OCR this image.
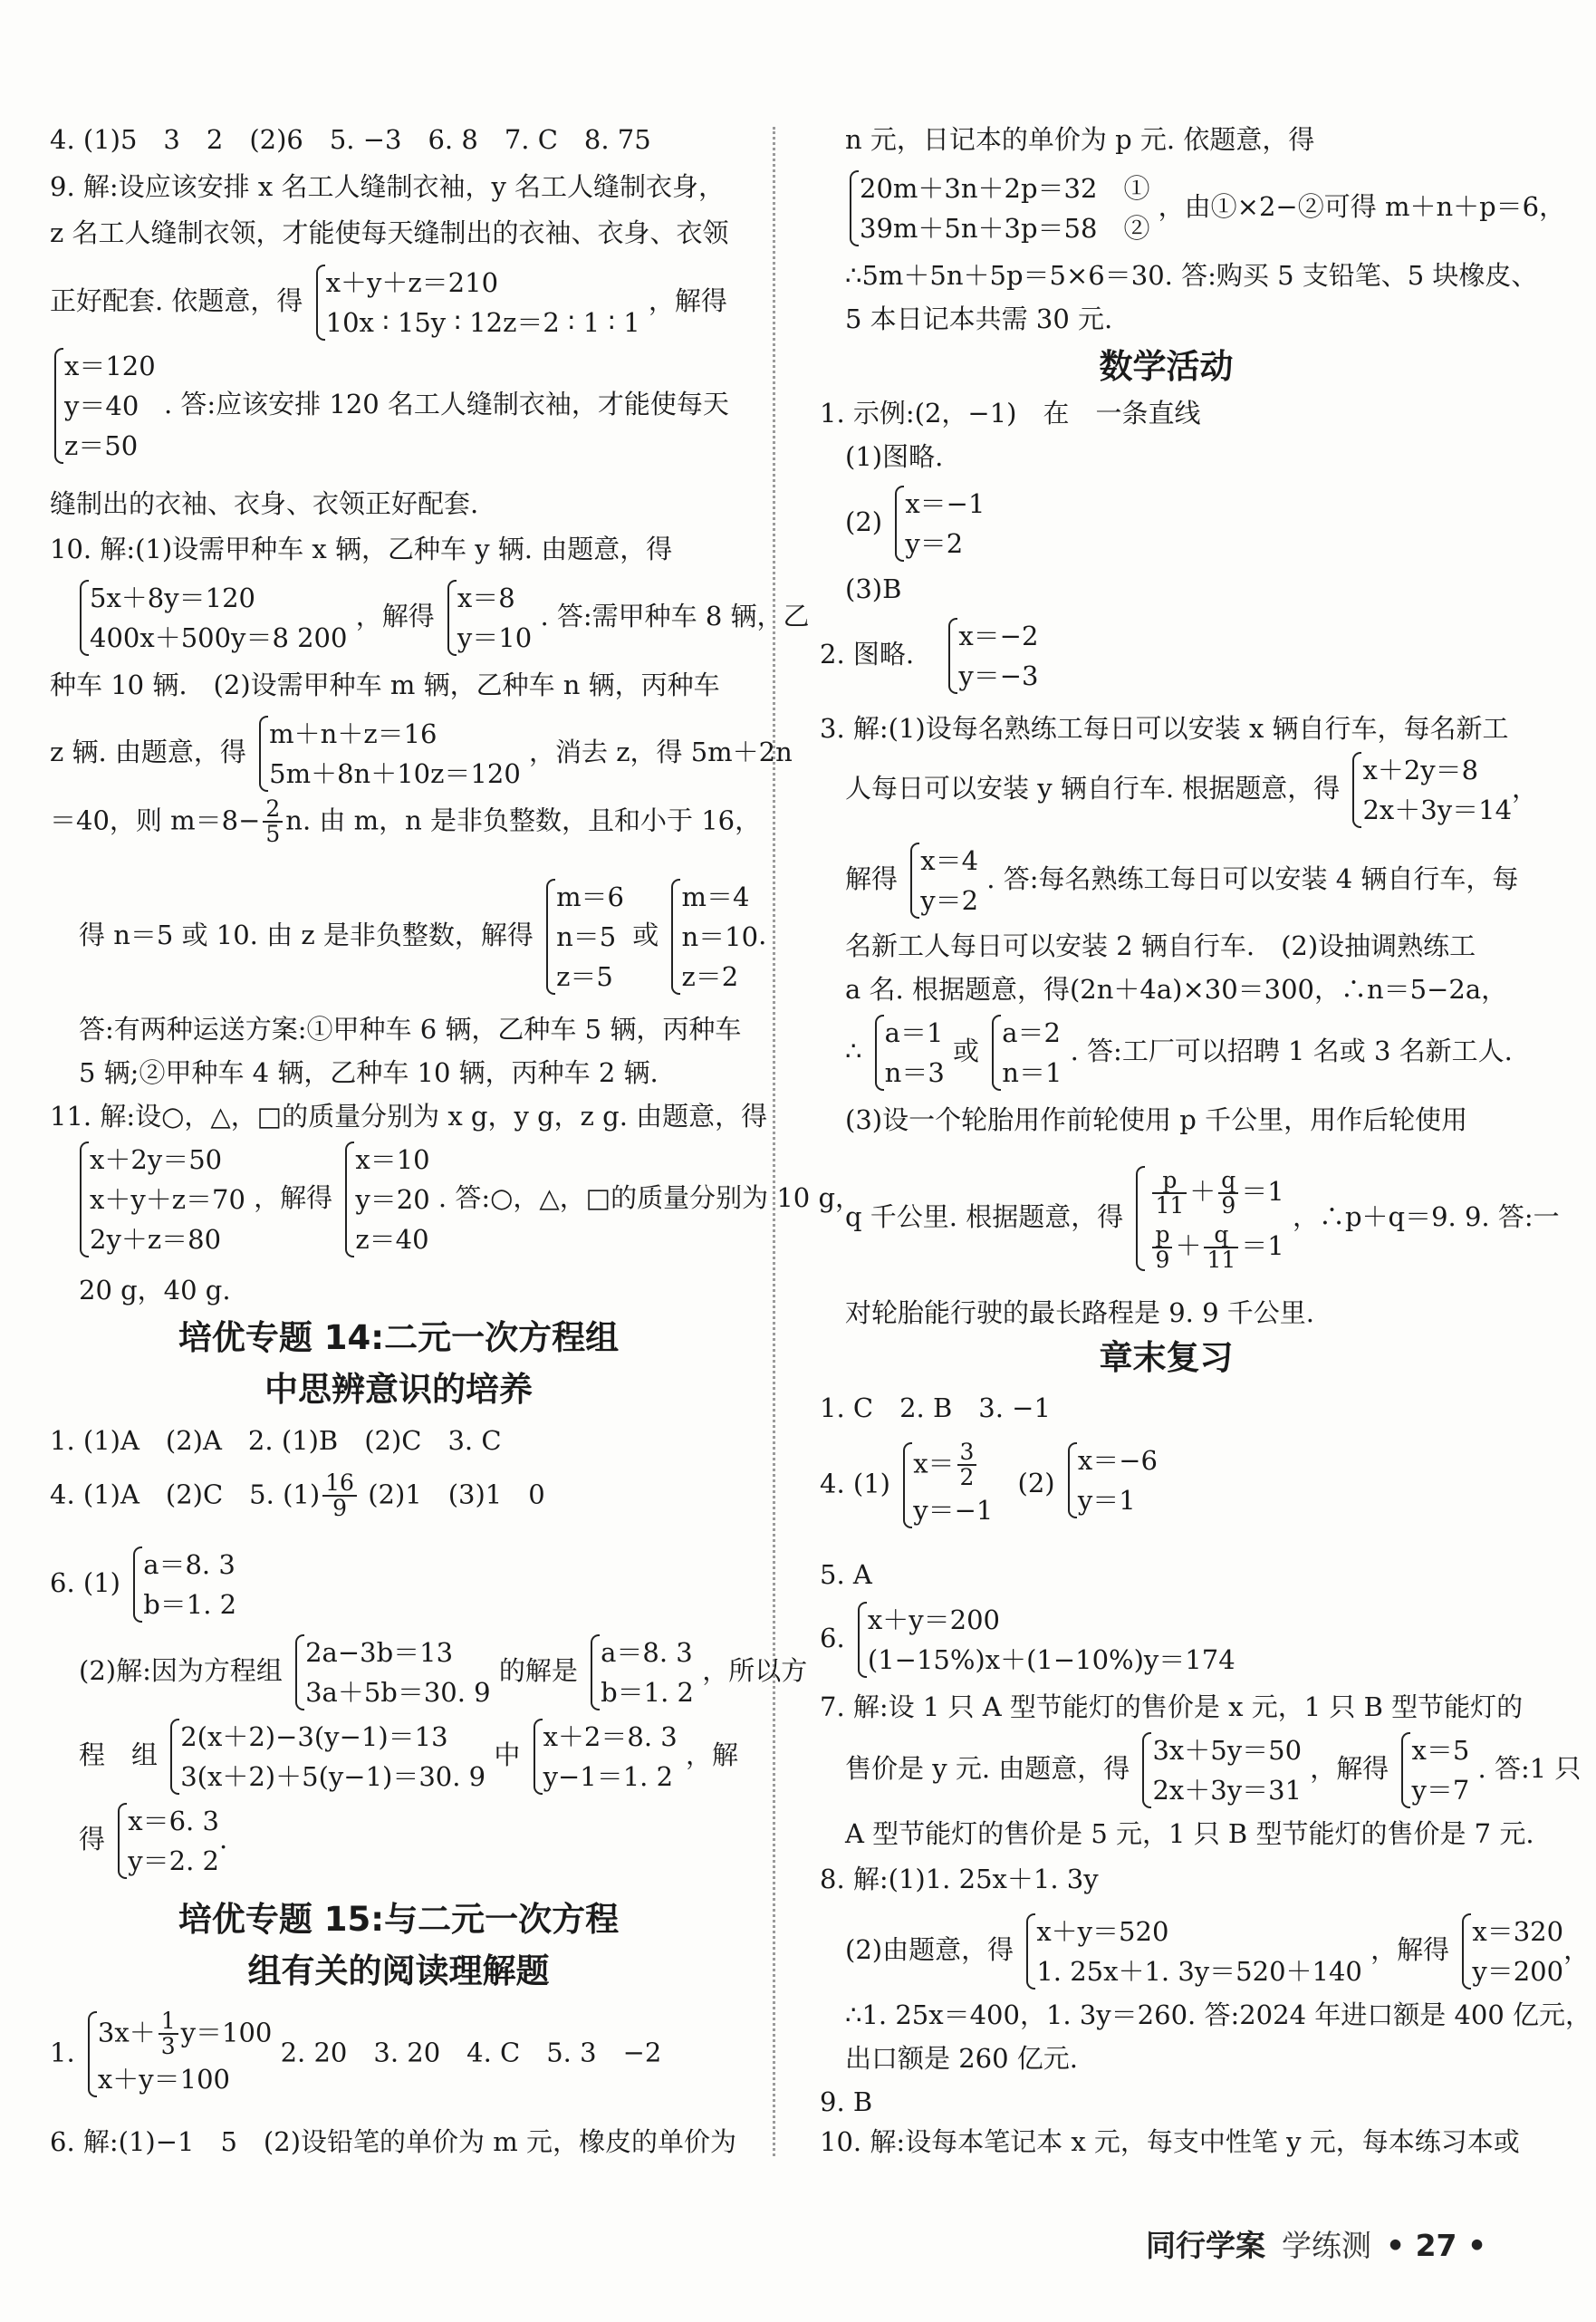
4. (1)5　3　2　(2)6　5. −3　6. 8　7. C　8. 75
9. 解:设应该安排 x 名工人缝制衣袖，y 名工人缝制衣身，
z 名工人缝制衣领，才能使每天缝制出的衣袖、衣身、衣领
正好配套. 依题意，得
x＋y＋z＝210
10x ∶ 15y ∶ 12z＝2 ∶ 1 ∶ 1
，解得
x＝120
y＝40
z＝50
. 答:应该安排 120 名工人缝制衣袖，才能使每天
缝制出的衣袖、衣身、衣领正好配套.
10. 解:(1)设需甲种车 x 辆，乙种车 y 辆. 由题意，得
5x＋8y＝120
400x＋500y＝8 200
，解得
x＝8
y＝10
. 答:需甲种车 8 辆，乙
种车 10 辆.　(2)设需甲种车 m 辆，乙种车 n 辆，丙种车
z 辆. 由题意，得
m＋n＋z＝16
5m＋8n＋10z＝120
，消去 z，得 5m＋2n
＝40，则 $m=8- \frac{2}{5} n$. 由 m，n 是非负整数，且和小于 16，
得 n＝5 或 10. 由 z 是非负整数，解得
m＝6
n＝5
z＝5
或
m＝4
n＝10
z＝2
.
答:有两种运送方案:①甲种车 6 辆，乙种车 5 辆，丙种车
5 辆;②甲种车 4 辆，乙种车 10 辆，丙种车 2 辆.
11. 解:设○，△，□的质量分别为 x g，y g，z g. 由题意，得
x＋2y＝50
x＋y＋z＝70
2y＋z＝80
，解得
x＝10
y＝20
z＝40
. 答:○，△，□的质量分别为 10 g，
20 g，40 g.
培优专题 14:二元一次方程组
中思辨意识的培养
1. (1)A　(2)A　2. (1)B　(2)C　3. C
4. (1)A　(2)C　5. $(1) \frac{16}{9} (2)1$　(3)1　0
6. (1)
a＝8. 3
b＝1. 2
(2)解:因为方程组
2a−3b＝13
3a＋5b＝30. 9
的解是
a＝8. 3
b＝1. 2
，所以方
程　组
2(x＋2)−3(y−1)＝13
3(x＋2)＋5(y−1)＝30. 9
中
x＋2＝8. 3
y−1＝1. 2
，解
得
x＝6. 3
y＝2. 2
.
培优专题 15:与二元一次方程
组有关的阅读理解题
1.
$3x+ \frac{1}{3} y=100$
x＋y＝100
2. 20　3. 20　4. C　5. 3　−2
6. 解:(1)−1　5　(2)设铅笔的单价为 m 元，橡皮的单价为
n 元，日记本的单价为 p 元. 依题意，得
20m＋3n＋2p＝32　①
39m＋5n＋3p＝58　②
，由①×2−②可得 m＋n＋p＝6，
∴5m＋5n＋5p＝5×6＝30. 答:购买 5 支铅笔、5 块橡皮、
5 本日记本共需 30 元.
数学活动
1. 示例:(2，−1)　在　一条直线
(1)图略.
(2)
x＝−1
y＝2
(3)B
2. 图略.
x＝−2
y＝−3
3. 解:(1)设每名熟练工每日可以安装 x 辆自行车，每名新工
人每日可以安装 y 辆自行车. 根据题意，得
x＋2y＝8
2x＋3y＝14
，
解得
x＝4
y＝2
. 答:每名熟练工每日可以安装 4 辆自行车，每
名新工人每日可以安装 2 辆自行车.　(2)设抽调熟练工
a 名. 根据题意，得(2n＋4a)×30＝300，∴n＝5−2a，
∴
a＝1
n＝3
或
a＝2
n＝1
. 答:工厂可以招聘 1 名或 3 名新工人.
(3)设一个轮胎用作前轮使用 p 千公里，用作后轮使用
q 千公里. 根据题意，得 $\frac{p}{11} + \frac{q}{9} =1$
$\frac{p}{9} + \frac{q}{11} =1$
，∴p＋q＝9. 9. 答:一
对轮胎能行驶的最长路程是 9. 9 千公里.
章末复习
1. C　2. B　3. −1
4. (1)
$x= \frac{3}{2}$
y＝−1
(2)
x＝−6
y＝1
5. A
6.
x＋y＝200
(1−15%)x＋(1−10%)y＝174
7. 解:设 1 只 A 型节能灯的售价是 x 元，1 只 B 型节能灯的
售价是 y 元. 由题意，得
3x＋5y＝50
2x＋3y＝31
，解得
x＝5
y＝7
. 答:1 只
A 型节能灯的售价是 5 元，1 只 B 型节能灯的售价是 7 元.
8. 解:(1)1. 25x＋1. 3y
(2)由题意，得
x＋y＝520
1. 25x＋1. 3y＝520＋140
，解得
x＝320
y＝200
，
∴1. 25x＝400，1. 3y＝260. 答:2024 年进口额是 400 亿元，
出口额是 260 亿元.
9. B
10. 解:设每本笔记本 x 元，每支中性笔 y 元，每本练习本或
同行学案 学练测 • 27 •
